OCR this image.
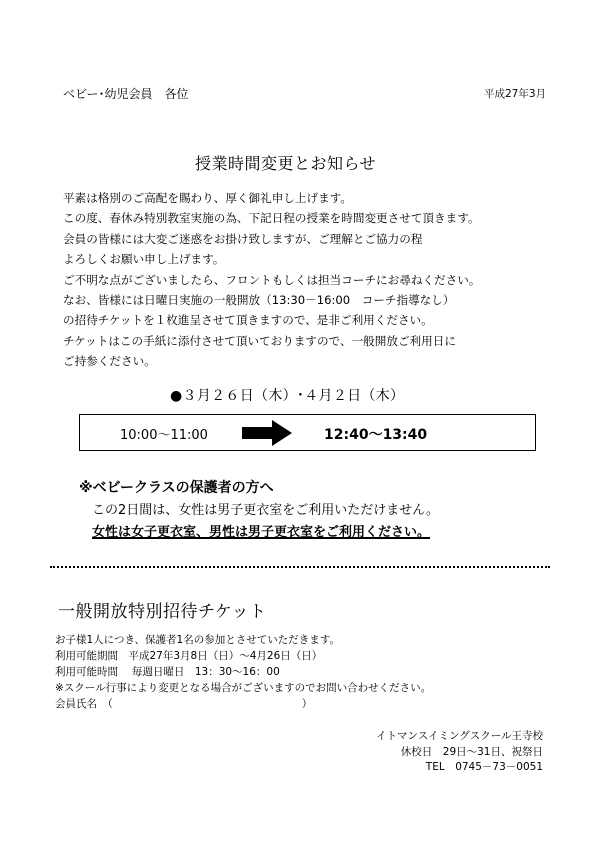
ベビー･幼児会員　各位	平成27年3月
授業時間変更とお知らせ
平素は格別のご高配を賜わり、厚く御礼申し上げます。
この度、春休み特別教室実施の為、下記日程の授業を時間変更させて頂きます。
会員の皆様には大変ご迷惑をお掛け致しますが、ご理解とご協力の程
よろしくお願い申し上げます。
ご不明な点がございましたら、フロントもしくは担当コーチにお尋ねください。
なお、皆様には日曜日実施の一般開放（13:30－16:00　コーチ指導なし）
の招待チケットを１枚進呈させて頂きますので、是非ご利用ください。
チケットはこの手紙に添付させて頂いておりますので、一般開放ご利用日に
ご持参ください。
●３月２６日（木）･４月２日（木）
10:00～11:00	12:40～13:40
※ベビークラスの保護者の方へ
この2日間は、女性は男子更衣室をご利用いただけません。
女性は女子更衣室、男性は男子更衣室をご利用ください。
一般開放特別招待チケット
お子様1人につき、保護者1名の参加とさせていただきます。
利用可能期間　平成27年3月8日（日）～4月26日（日）
利用可能時間　 毎週日曜日　13：30～16：00
※スクール行事により変更となる場合がございますのでお問い合わせください。
会員氏名　（　　　　　　　　　　　　　　　　　　）
イトマンスイミングスクール王寺校
休校日　29日～31日、祝祭日
TEL　0745－73－0051
